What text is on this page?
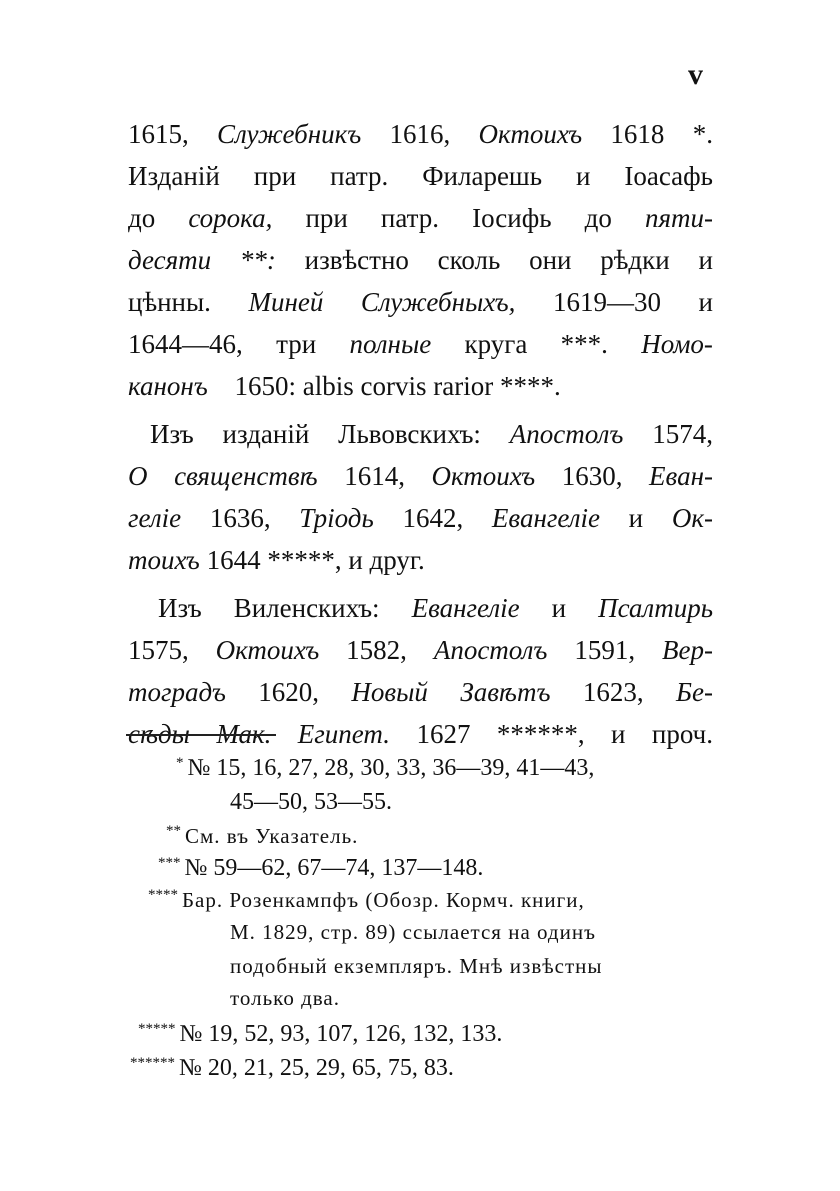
v
1615, Служебникъ 1616, Октоихъ 1618 *.
Изданій при патр. Филарешь и Іоасафь
до сорока, при патр. Іосифь до пяти-
десяти **: извѣстно сколь они рѣдки и
цѣнны. Миней Служебныхъ, 1619—30 и
1644—46, три полные круга ***. Номо-
канонъ 1650: albis corvis rarior ****.
Изъ изданій Львовскихъ: Апостолъ 1574,
О священствѣ 1614, Октоихъ 1630, Еван-
геліе 1636, Тріодь 1642, Евангеліе и Ок-
тоихъ 1644 *****, и друг.
Изъ Виленскихъ: Евангеліе и Псалтирь
1575, Октоихъ 1582, Апостолъ 1591, Вер-
тоградъ 1620, Новый Завѣтъ 1623, Бе-
сѣды Мак. Египет. 1627 ******, и проч.
* № 15, 16, 27, 28, 30, 33, 36—39, 41—43,
45—50, 53—55.
** См. въ Указатель.
*** № 59—62, 67—74, 137—148.
**** Бар. Розенкампфъ (Обозр. Кормч. книги,
М. 1829, стр. 89) ссылается на одинъ
подобный екземпляръ. Мнѣ извѣстны
только два.
***** № 19, 52, 93, 107, 126, 132, 133.
****** № 20, 21, 25, 29, 65, 75, 83.
